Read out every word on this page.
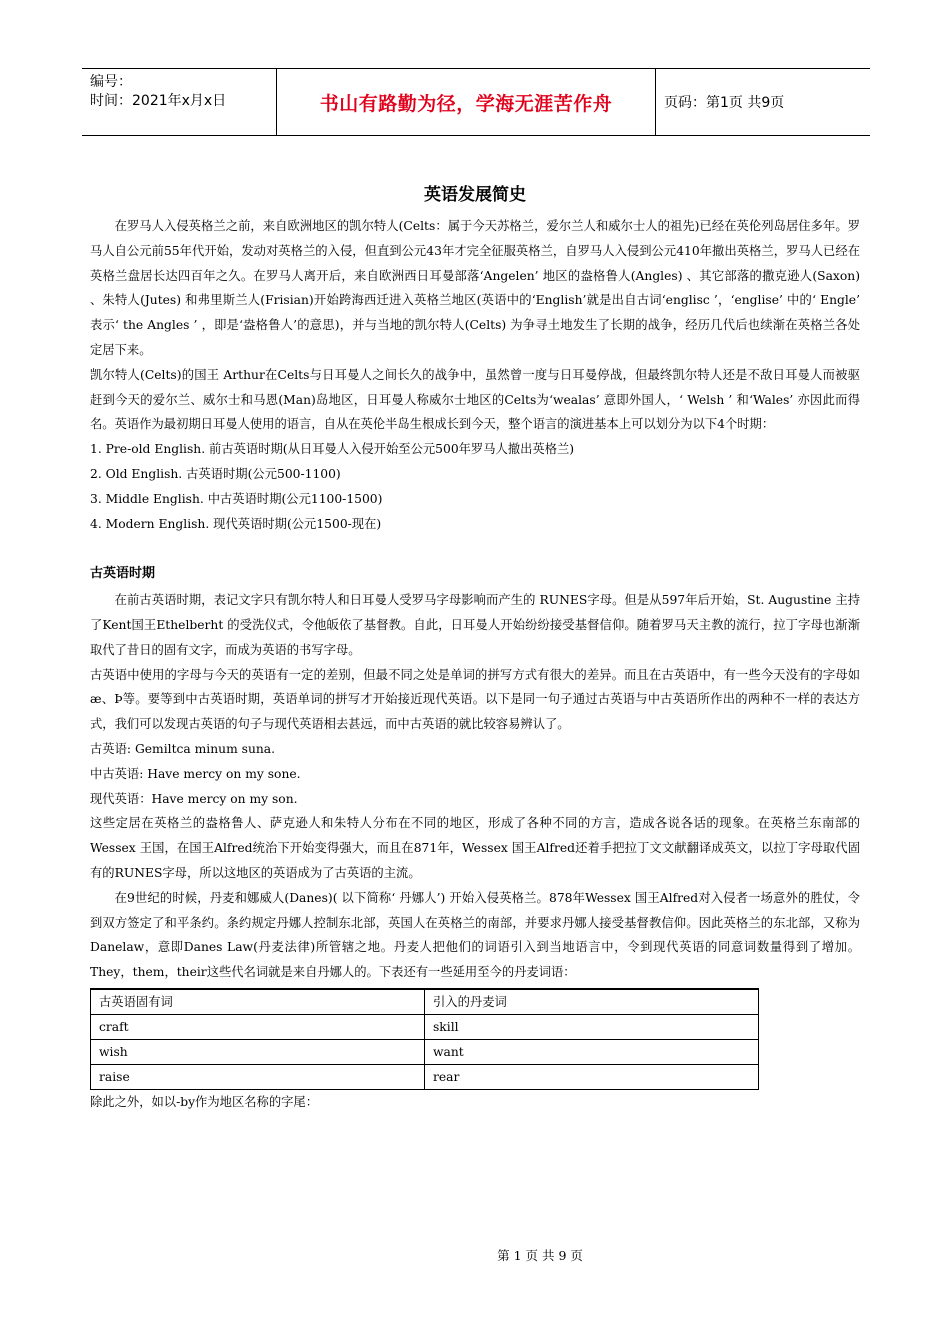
编号：
时间：2021年x月x日	书山有路勤为径，学海无涯苦作舟	页码：第1页 共9页
英语发展简史

在罗马人入侵英格兰之前，来自欧洲地区的凯尔特人(Celts：属于今天苏格兰，爱尔兰人和威尔士人的祖先)已经在英伦列岛居住多年。罗马人自公元前55年代开始，发动对英格兰的入侵，但直到公元43年才完全征服英格兰，自罗马人入侵到公元410年撤出英格兰，罗马人已经在英格兰盘居长达四百年之久。在罗马人离开后，来自欧洲西日耳曼部落‘Angelen’ 地区的盎格鲁人(Angles) 、其它部落的撒克逊人(Saxon) 、朱特人(Jutes) 和弗里斯兰人(Frisian)开始跨海西迁进入英格兰地区(英语中的‘English’就是出自古词‘englisc ’，‘englise’ 中的‘ Engle’ 表示‘ the Angles ’ ，即是‘盎格鲁人’的意思)，并与当地的凯尔特人(Celts) 为争寻土地发生了长期的战争，经历几代后也续渐在英格兰各处定居下来。

凯尔特人(Celts)的国王 Arthur在Celts与日耳曼人之间长久的战争中，虽然曾一度与日耳曼停战，但最终凯尔特人还是不敌日耳曼人而被驱赶到今天的爱尔兰、威尔士和马恩(Man)岛地区，日耳曼人称威尔士地区的Celts为‘wealas’ 意即外国人，‘ Welsh ’ 和‘Wales’ 亦因此而得名。英语作为最初期日耳曼人使用的语言，自从在英伦半岛生根成长到今天，整个语言的演进基本上可以划分为以下4个时期：

1. Pre-old English. 前古英语时期(从日耳曼人入侵开始至公元500年罗马人撤出英格兰)

2. Old English. 古英语时期(公元500-1100)

3. Middle English. 中古英语时期(公元1100-1500)

4. Modern English. 现代英语时期(公元1500-现在)

古英语时期

在前古英语时期，表记文字只有凯尔特人和日耳曼人受罗马字母影响而产生的 RUNES字母。但是从597年后开始，St. Augustine 主持了Kent国王Ethelberht 的受洗仪式，令他皈依了基督教。自此，日耳曼人开始纷纷接受基督信仰。随着罗马天主教的流行，拉丁字母也渐渐取代了昔日的固有文字，而成为英语的书写字母。

古英语中使用的字母与今天的英语有一定的差别，但最不同之处是单词的拼写方式有很大的差异。而且在古英语中，有一些今天没有的字母如æ、Þ等。要等到中古英语时期，英语单词的拼写才开始接近现代英语。以下是同一句子通过古英语与中古英语所作出的两种不一样的表达方式，我们可以发现古英语的句子与现代英语相去甚远，而中古英语的就比较容易辨认了。

古英语: Gemiltca minum suna.

中古英语: Have mercy on my sone.

现代英语：Have mercy on my son.

这些定居在英格兰的盎格鲁人、萨克逊人和朱特人分布在不同的地区，形成了各种不同的方言，造成各说各话的现象。在英格兰东南部的Wessex 王国，在国王Alfred统治下开始变得强大，而且在871年，Wessex 国王Alfred还着手把拉丁文文献翻译成英文，以拉丁字母取代固有的RUNES字母，所以这地区的英语成为了古英语的主流。

在9世纪的时候，丹麦和娜威人(Danes)( 以下简称‘ 丹娜人’) 开始入侵英格兰。878年Wessex 国王Alfred对入侵者一场意外的胜仗，令到双方签定了和平条约。条约规定丹娜人控制东北部，英国人在英格兰的南部，并要求丹娜人接受基督教信仰。因此英格兰的东北部，又称为Danelaw，意即Danes Law(丹麦法律)所管辖之地。丹麦人把他们的词语引入到当地语言中，令到现代英语的同意词数量得到了增加。They，them，their这些代名词就是来自丹娜人的。下表还有一些延用至今的丹麦词语：

古英语固有词	引入的丹麦词
craft	skill
wish	want
raise	rear

除此之外，如以-by作为地区名称的字尾：

第 1 页 共 9 页
